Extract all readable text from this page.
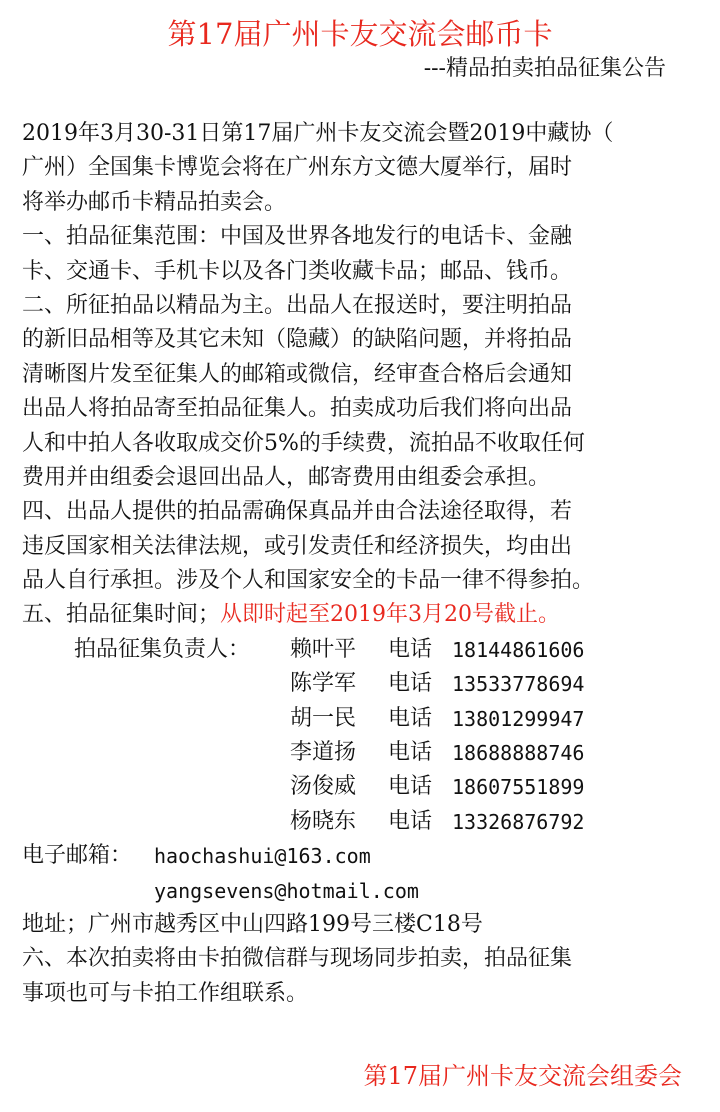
第17届广州卡友交流会邮币卡
---精品拍卖拍品征集公告
2019年3月30-31日第17届广州卡友交流会暨2019中藏协（
广州）全国集卡博览会将在广州东方文德大厦举行，届时
将举办邮币卡精品拍卖会。
一、拍品征集范围：中国及世界各地发行的电话卡、金融
卡、交通卡、手机卡以及各门类收藏卡品；邮品、钱币。
二、所征拍品以精品为主。出品人在报送时，要注明拍品
的新旧品相等及其它未知（隐藏）的缺陷问题，并将拍品
清晰图片发至征集人的邮箱或微信，经审查合格后会通知
出品人将拍品寄至拍品征集人。拍卖成功后我们将向出品
人和中拍人各收取成交价5%的手续费，流拍品不收取任何
费用并由组委会退回出品人，邮寄费用由组委会承担。
四、出品人提供的拍品需确保真品并由合法途径取得，若
违反国家相关法律法规，或引发责任和经济损失，均由出
品人自行承担。涉及个人和国家安全的卡品一律不得参拍。
五、拍品征集时间；从即时起至2019年3月20号截止。
拍品征集负责人： 赖叶平 电话 18144861606
陈学军 电话 13533778694
胡一民 电话 13801299947
李道扬 电话 18688888746
汤俊威 电话 18607551899
杨晓东 电话 13326876792
电子邮箱： haochashui@163.com
yangsevens@hotmail.com
地址；广州市越秀区中山四路199号三楼C18号
六、本次拍卖将由卡拍微信群与现场同步拍卖，拍品征集
事项也可与卡拍工作组联系。
第17届广州卡友交流会组委会
